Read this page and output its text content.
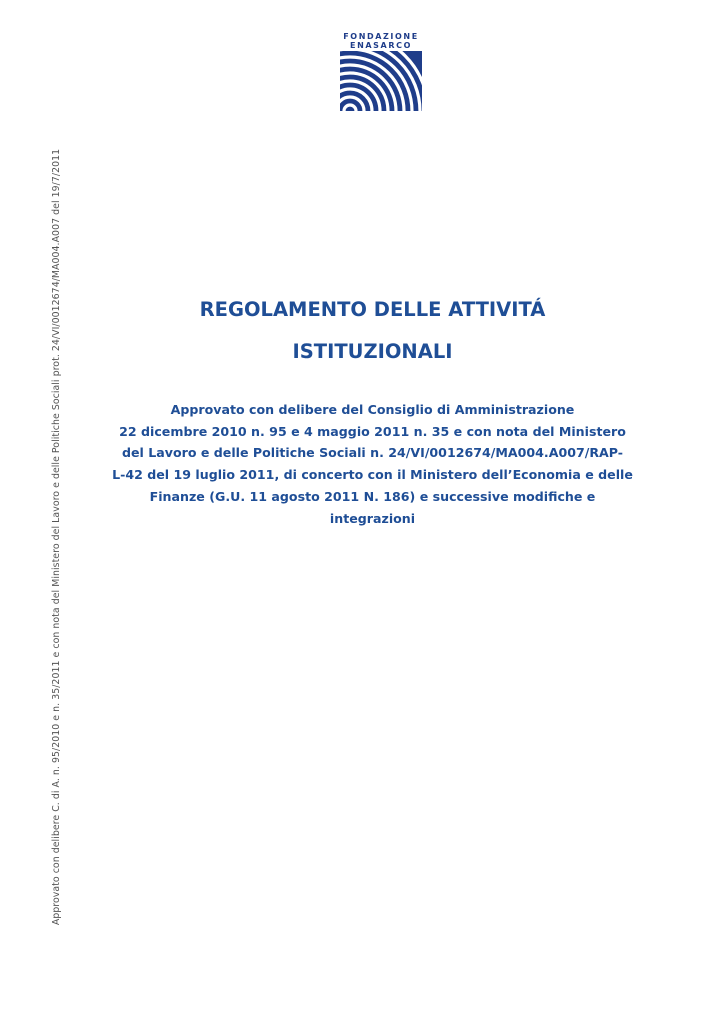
FONDAZIONE
ENASARCO
Approvato con delibere C. di A. n. 95/2010 e n. 35/2011 e con nota del Ministero del Lavoro e delle Politiche Sociali prot. 24/VI/0012674/MA004.A007 del 19/7/2011	REGOLAMENTO DELLE ATTIVITÁ
ISTITUZIONALI
Approvato con delibere del Consiglio di Amministrazione
22 dicembre 2010 n. 95 e 4 maggio 2011 n. 35 e con nota del Ministero
del Lavoro e delle Politiche Sociali n. 24/VI/0012674/MA004.A007/RAP-
L-42 del 19 luglio 2011, di concerto con il Ministero dell’Economia e delle
Finanze (G.U. 11 agosto 2011 N. 186) e successive modifiche e
integrazioni
